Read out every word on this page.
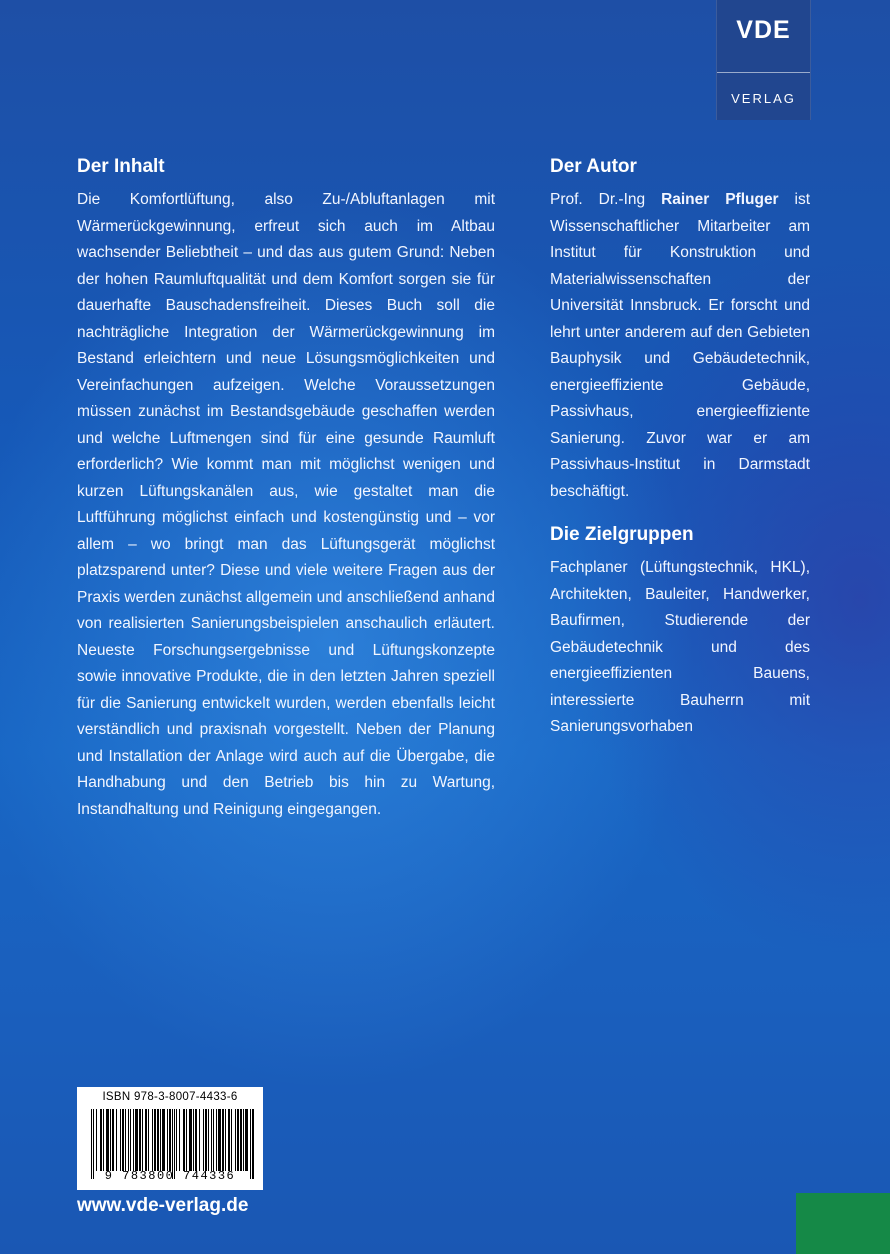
VDE
VERLAG
Der Inhalt

Die Komfortlüftung, also Zu-/Abluftanlagen mit Wärmerückgewinnung, erfreut sich auch im Altbau wachsender Beliebtheit – und das aus gutem Grund: Neben der hohen Raumluftqualität und dem Komfort sorgen sie für dauerhafte Bauschadensfreiheit. Dieses Buch soll die nachträgliche Integration der Wärmerückgewinnung im Bestand erleichtern und neue Lösungsmöglichkeiten und Vereinfachungen aufzeigen. Welche Voraussetzungen müssen zunächst im Bestandsgebäude geschaffen werden und welche Luftmengen sind für eine gesunde Raumluft erforderlich? Wie kommt man mit möglichst wenigen und kurzen Lüftungskanälen aus, wie gestaltet man die Luftführung möglichst einfach und kostengünstig und – vor allem – wo bringt man das Lüftungsgerät möglichst platzsparend unter? Diese und viele weitere Fragen aus der Praxis werden zunächst allgemein und anschließend anhand von realisierten Sanierungsbeispielen anschaulich erläutert. Neueste Forschungsergebnisse und Lüftungskonzepte sowie innovative Produkte, die in den letzten Jahren speziell für die Sanierung entwickelt wurden, werden ebenfalls leicht verständlich und praxisnah vorgestellt. Neben der Planung und Installation der Anlage wird auch auf die Übergabe, die Handhabung und den Betrieb bis hin zu Wartung, Instandhaltung und Reinigung eingegangen.

Der Autor

Prof. Dr.-Ing Rainer Pfluger ist Wissenschaftlicher Mitarbeiter am Institut für Konstruktion und Materialwissenschaften der Universität Innsbruck. Er forscht und lehrt unter anderem auf den Gebieten Bauphysik und Gebäudetechnik, energieeffiziente Gebäude, Passivhaus, energieeffiziente Sanierung. Zuvor war er am Passivhaus-Institut in Darmstadt beschäftigt.

Die Zielgruppen

Fachplaner (Lüftungstechnik, HKL), Architekten, Bauleiter, Handwerker, Baufirmen, Studierende der Gebäudetechnik und des energieeffizienten Bauens, interessierte Bauherrn mit Sanierungsvorhaben

ISBN 978-3-8007-4433-6
9 783800 744336
www.vde-verlag.de
